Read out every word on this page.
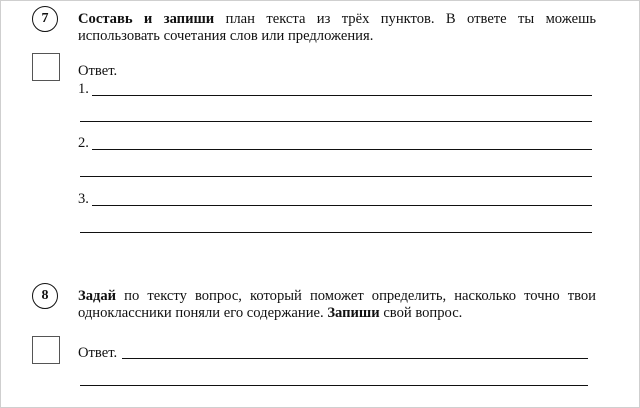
7 Составь и запиши план текста из трёх пунктов. В ответе ты можешь
использовать сочетания слов или предложения.
Ответ.
1.
2.
3.
8 Задай по тексту вопрос, который поможет определить, насколько точно твои
одноклассники поняли его содержание. Запиши свой вопрос.
Ответ.
